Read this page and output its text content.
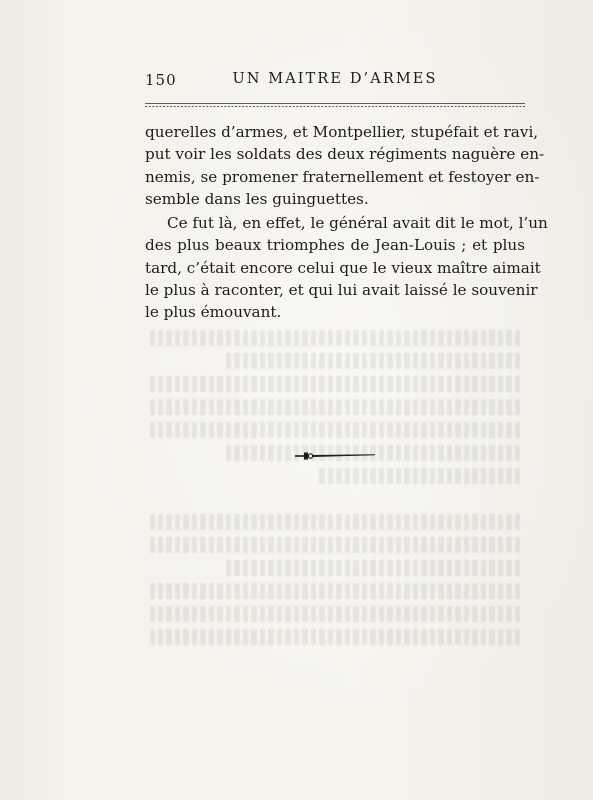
150	UN MAITRE D’ARMES
querelles d’armes, et Montpellier, stupéfait et ravi,
put voir les soldats des deux régiments naguère en-
nemis, se promener fraternellement et festoyer en-
semble dans les guinguettes.
Ce fut là, en effet, le général avait dit le mot, l’un
des plus beaux triomphes de Jean-Louis ; et plus
tard, c’était encore celui que le vieux maître aimait
le plus à raconter, et qui lui avait laissé le souvenir
le plus émouvant.
